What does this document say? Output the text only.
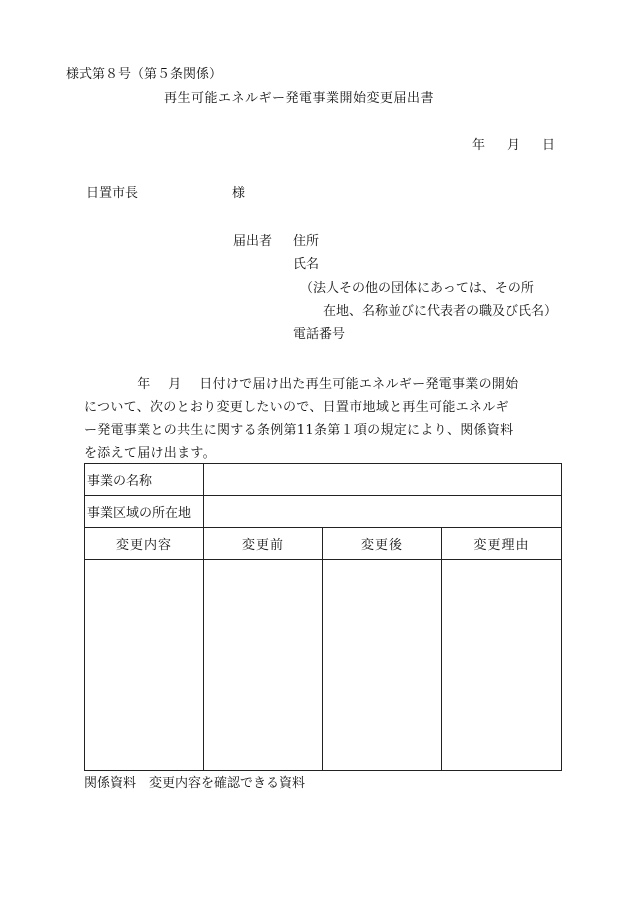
様式第８号（第５条関係）
再生可能エネルギー発電事業開始変更届出書
年 月 日
日置市長	様
届出者 住所
氏名
（法人その他の団体にあっては、その所
在地、名称並びに代表者の職及び氏名）
電話番号
　　　　年　 月　 日付けで届け出た再生可能エネルギー発電事業の開始
について、次のとおり変更したいので、日置市地域と再生可能エネルギ
ー発電事業との共生に関する条例第11条第１項の規定により、関係資料
を添えて届け出ます。
事業の名称			
事業区域の所在地			
変更内容	変更前	変更後	変更理由

関係資料　変更内容を確認できる資料
